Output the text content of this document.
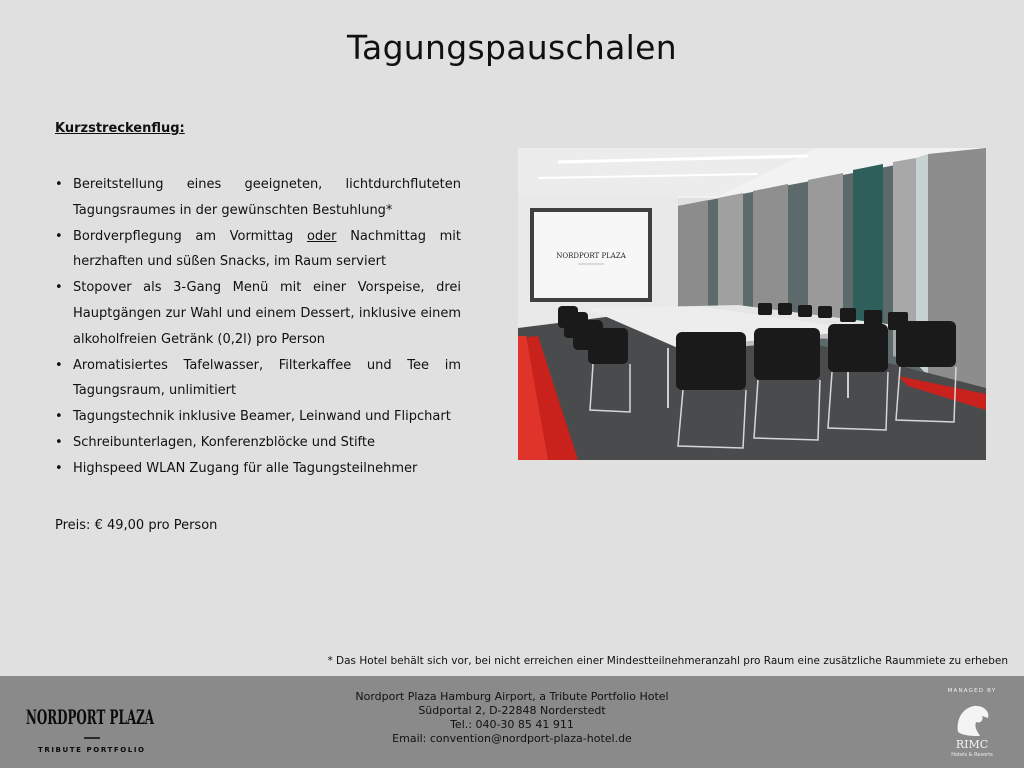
Tagungspauschalen
Kurzstreckenflug:
• Bereitstellung eines geeigneten, lichtdurchfluteten Tagungsraumes in der gewünschten Bestuhlung*
• Bordverpflegung am Vormittag oder Nachmittag mit herzhaften und süßen Snacks, im Raum serviert
• Stopover als 3-Gang Menü mit einer Vorspeise, drei Hauptgängen zur Wahl und einem Dessert, inklusive einem alkoholfreien Getränk (0,2l) pro Person
• Aromatisiertes Tafelwasser, Filterkaffee und Tee im Tagungsraum, unlimitiert
• Tagungstechnik inklusive Beamer, Leinwand und Flipchart
• Schreibunterlagen, Konferenzblöcke und Stifte
• Highspeed WLAN Zugang für alle Tagungsteilnehmer
Preis: € 49,00 pro Person
NORDPORT PLAZA
* Das Hotel behält sich vor, bei nicht erreichen einer Mindestteilnehmeranzahl pro Raum eine zusätzliche Raummiete zu erheben
NORDPORT PLAZA
TRIBUTE PORTFOLIO
Nordport Plaza Hamburg Airport, a Tribute Portfolio Hotel
Südportal 2, D-22848 Norderstedt
Tel.: 040-30 85 41 911
Email: convention@nordport-plaza-hotel.de
MANAGED BY
RIMC
Hotels & Resorts
